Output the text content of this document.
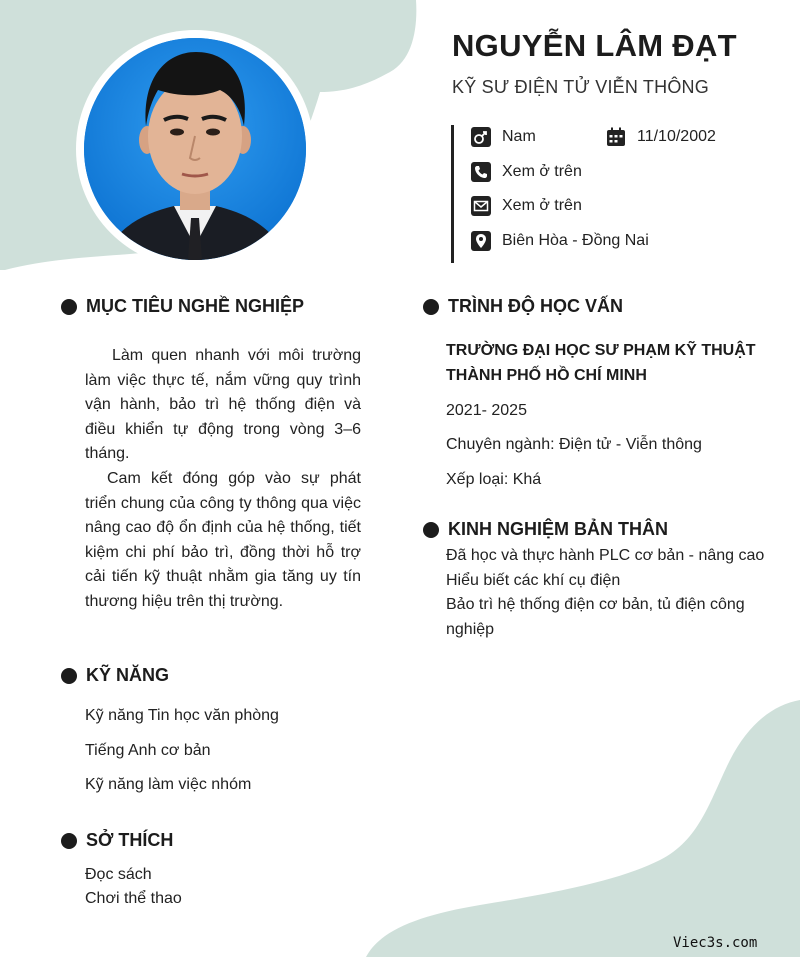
NGUYỄN LÂM ĐẠT
KỸ SƯ ĐIỆN TỬ VIỄN THÔNG
Nam	11/10/2002
Xem ở trên
Xem ở trên
Biên Hòa - Đồng Nai
MỤC TIÊU NGHỀ NGHIỆP

Làm quen nhanh với môi trường làm việc thực tế, nắm vững quy trình vận hành, bảo trì hệ thống điện và điều khiển tự động trong vòng 3–6 tháng.

Cam kết đóng góp vào sự phát triển chung của công ty thông qua việc nâng cao độ ổn định của hệ thống, tiết kiệm chi phí bảo trì, đồng thời hỗ trợ cải tiến kỹ thuật nhằm gia tăng uy tín thương hiệu trên thị trường.

KỸ NĂNG
Kỹ năng Tin học văn phòng
Tiếng Anh cơ bản
Kỹ năng làm việc nhóm
SỞ THÍCH
Đọc sách
Chơi thể thao
TRÌNH ĐỘ HỌC VẤN
TRƯỜNG ĐẠI HỌC SƯ PHẠM KỸ THUẬT THÀNH PHỐ HỒ CHÍ MINH
2021- 2025
Chuyên ngành: Điện tử - Viễn thông
Xếp loại: Khá
KINH NGHIỆM BẢN THÂN
Đã học và thực hành PLC cơ bản - nâng cao
Hiểu biết các khí cụ điện
Bảo trì hệ thống điện cơ bản, tủ điện công nghiệp
Viec3s.com
